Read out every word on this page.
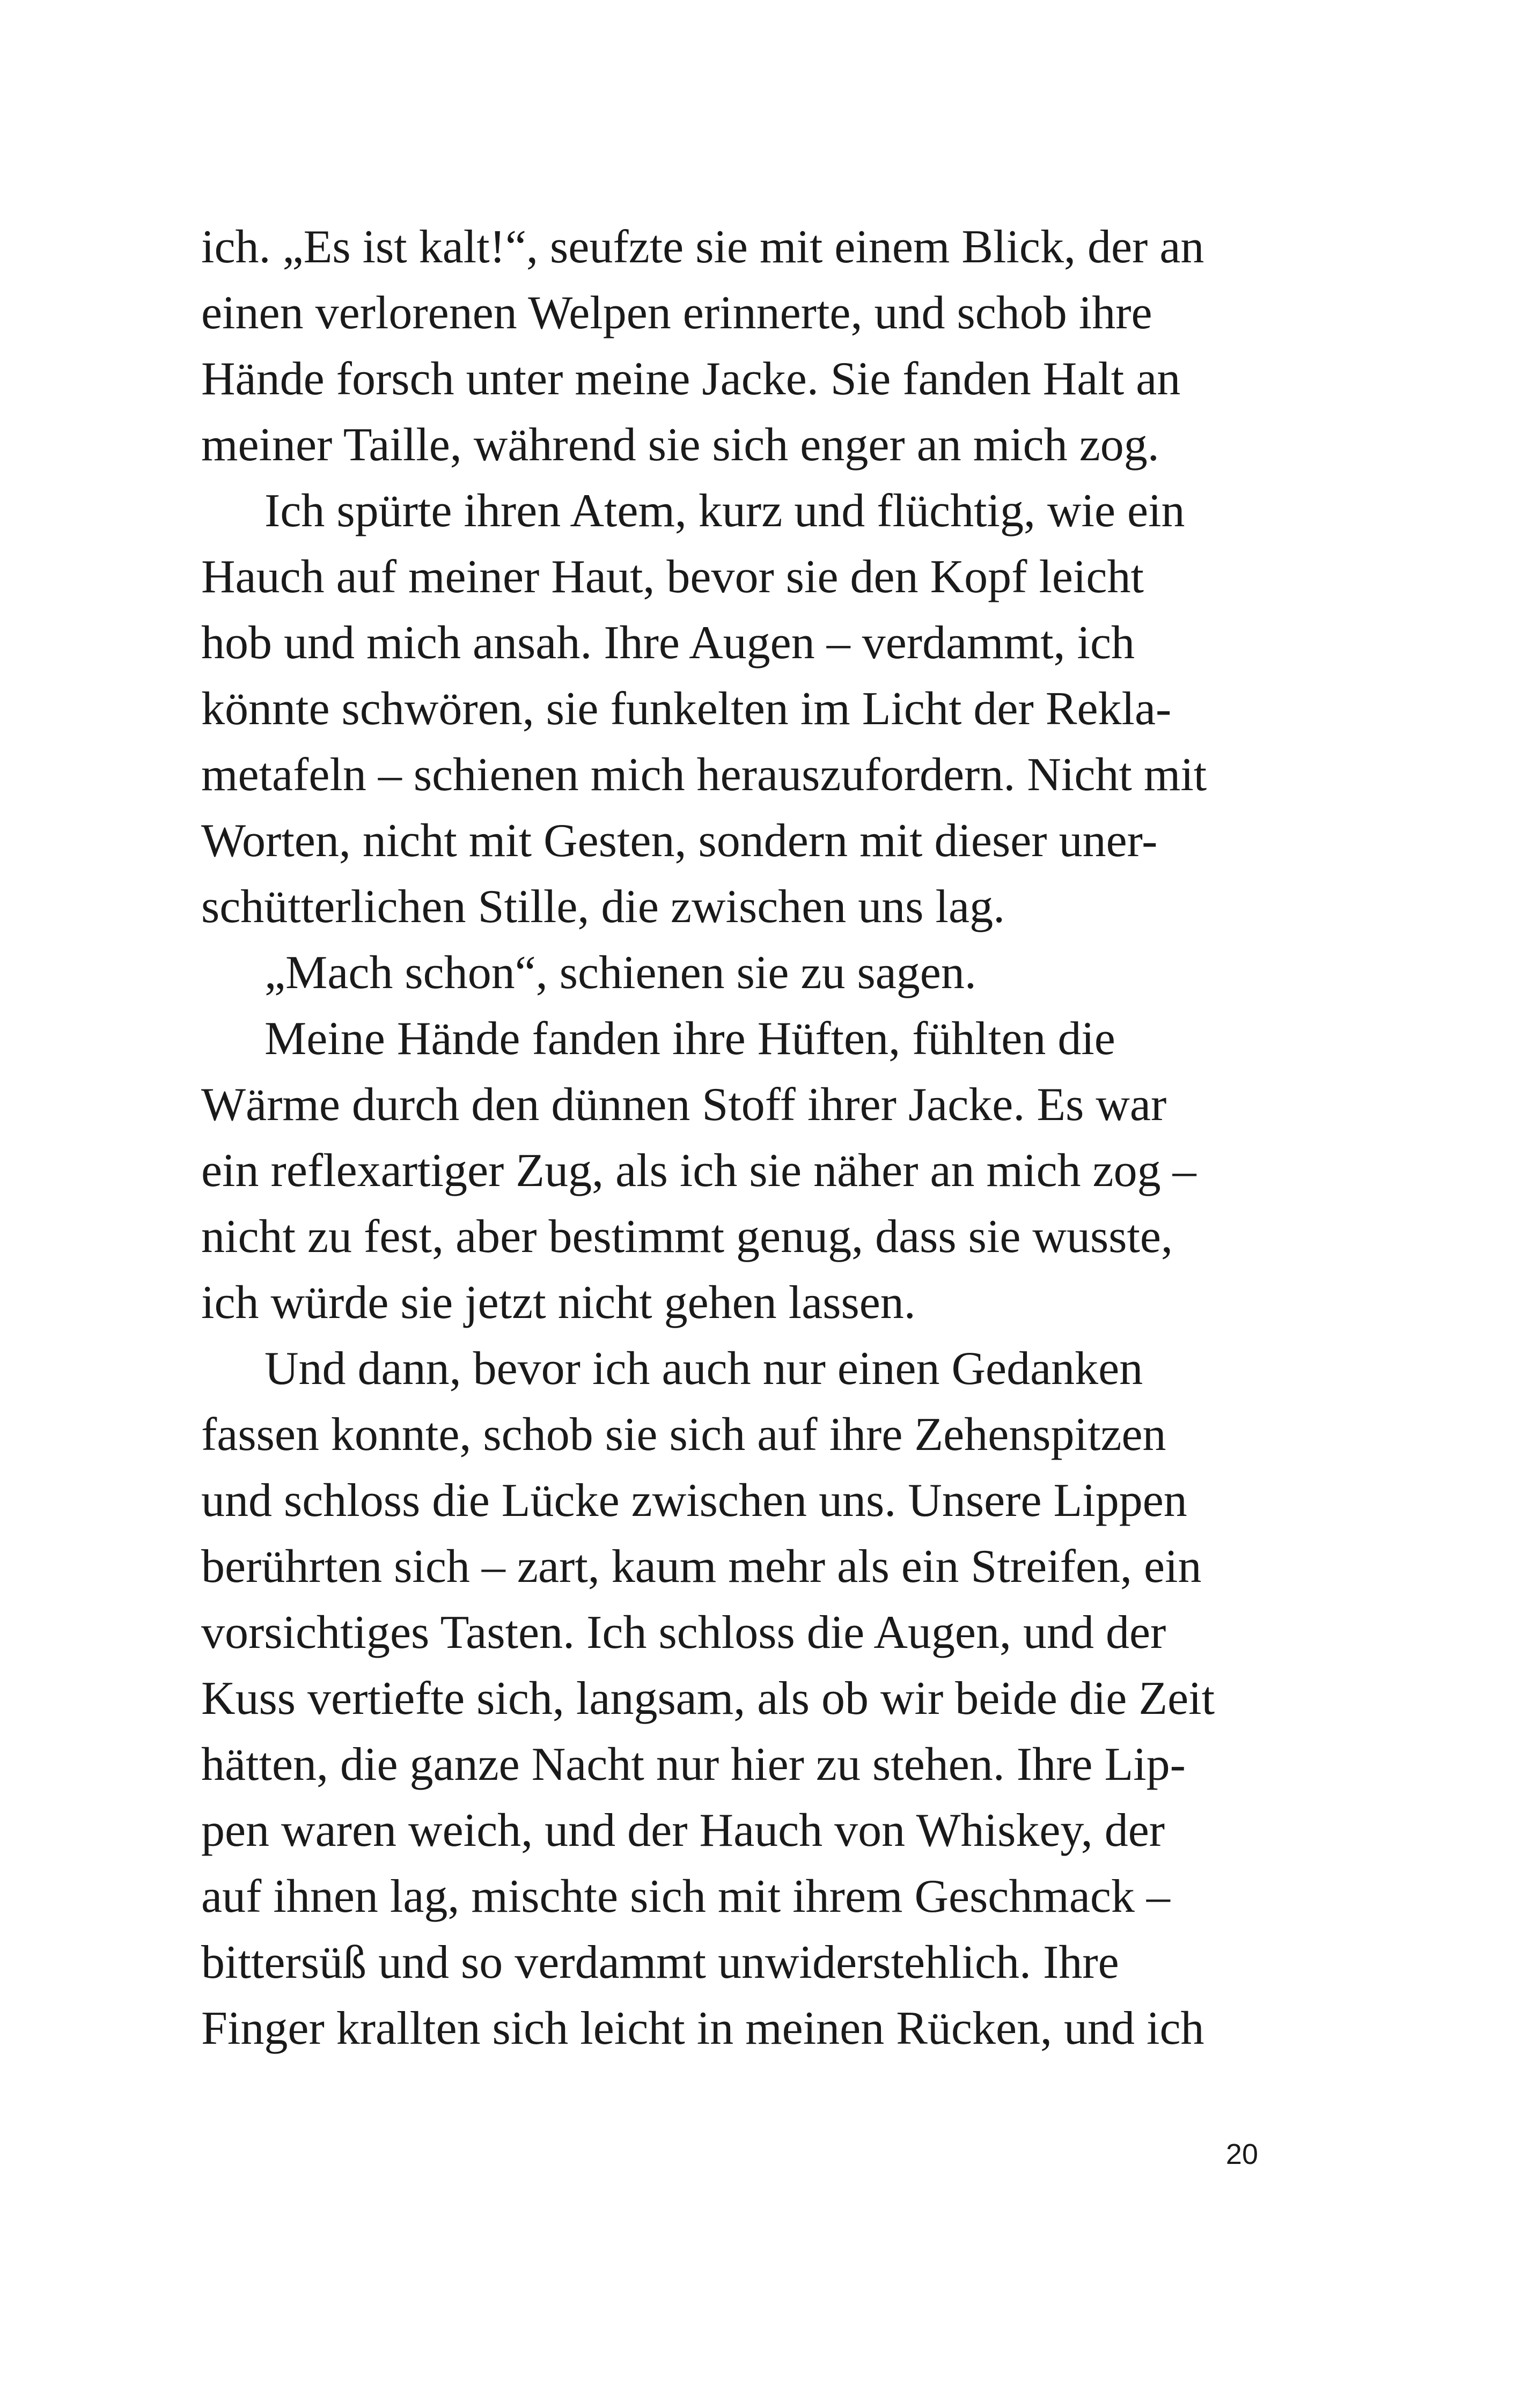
ich. „Es ist kalt!“, seufzte sie mit einem Blick, der an
einen verlorenen Welpen erinnerte, und schob ihre
Hände forsch unter meine Jacke. Sie fanden Halt an
meiner Taille, während sie sich enger an mich zog.
Ich spürte ihren Atem, kurz und flüchtig, wie ein
Hauch auf meiner Haut, bevor sie den Kopf leicht
hob und mich ansah. Ihre Augen – verdammt, ich
könnte schwören, sie funkelten im Licht der Rekla-
metafeln – schienen mich herauszufordern. Nicht mit
Worten, nicht mit Gesten, sondern mit dieser uner-
schütterlichen Stille, die zwischen uns lag.
„Mach schon“, schienen sie zu sagen.
Meine Hände fanden ihre Hüften, fühlten die
Wärme durch den dünnen Stoff ihrer Jacke. Es war
ein reflexartiger Zug, als ich sie näher an mich zog –
nicht zu fest, aber bestimmt genug, dass sie wusste,
ich würde sie jetzt nicht gehen lassen.
Und dann, bevor ich auch nur einen Gedanken
fassen konnte, schob sie sich auf ihre Zehenspitzen
und schloss die Lücke zwischen uns. Unsere Lippen
berührten sich – zart, kaum mehr als ein Streifen, ein
vorsichtiges Tasten. Ich schloss die Augen, und der
Kuss vertiefte sich, langsam, als ob wir beide die Zeit
hätten, die ganze Nacht nur hier zu stehen. Ihre Lip-
pen waren weich, und der Hauch von Whiskey, der
auf ihnen lag, mischte sich mit ihrem Geschmack –
bittersüß und so verdammt unwiderstehlich. Ihre
Finger krallten sich leicht in meinen Rücken, und ich
20
